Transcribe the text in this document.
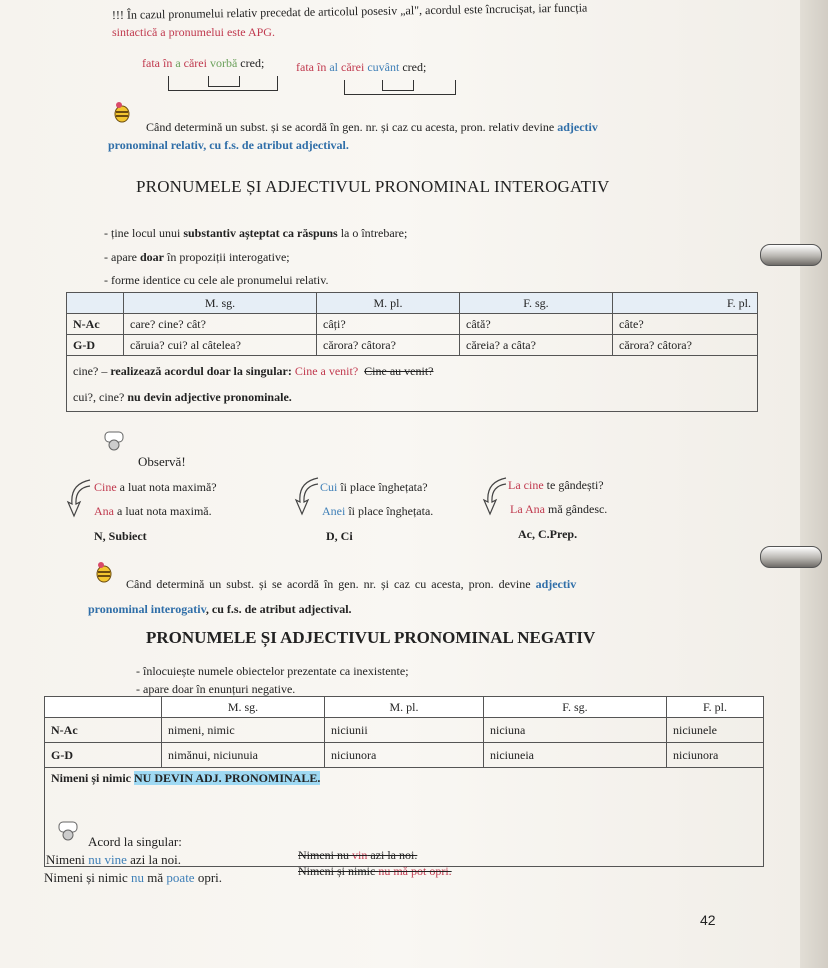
!!! În cazul pronumelui relativ precedat de articolul posesiv „al", acordul este încrucișat, iar funcția
sintactică a pronumelui este APG.
fata în a cărei vorbă cred;	fata în al cărei cuvânt cred;
Când determină un subst. și se acordă în gen. nr. și caz cu acesta, pron. relativ devine adjectiv
pronominal relativ, cu f.s. de atribut adjectival.
PRONUMELE ȘI ADJECTIVUL PRONOMINAL INTEROGATIV
- ține locul unui substantiv așteptat ca răspuns la o întrebare;
- apare doar în propoziții interogative;
- forme identice cu cele ale pronumelui relativ.
	M. sg.	M. pl.	F. sg.	F. pl.
N-Ac	care? cine? cât?	câți?	câtă?	câte?
G-D	căruia? cui? al câtelea?	cărora? câtora?	căreia? a câta?	cărora? câtora?
cine? – realizează acordul doar la singular: Cine a venit? Cine au venit?
cui?, cine? nu devin adjective pronominale.				
Observă!
Cine a luat nota maximă?
Ana a luat nota maximă.
N, Subiect
Cui îi place înghețata?
Anei îi place înghețata.
D, Ci
La cine te gândești?
La Ana mă gândesc.
Ac, C.Prep.
Când determină un subst. și se acordă în gen. nr. și caz cu acesta, pron. devine adjectiv
pronominal interogativ, cu f.s. de atribut adjectival.
PRONUMELE ȘI ADJECTIVUL PRONOMINAL NEGATIV
- înlocuiește numele obiectelor prezentate ca inexistente;
- apare doar în enunțuri negative.
	M. sg.	M. pl.	F. sg.	F. pl.
N-Ac	nimeni, nimic	niciunii	niciuna	niciunele
G-D	nimănui, niciunuia	niciunora	niciuneia	niciunora
Nimeni și nimic NU DEVIN ADJ. PRONOMINALE.				
Acord la singular:
Nimeni nu vine azi la noi.
Nimeni și nimic nu mă poate opri.
Nimeni nu vin azi la noi.
Nimeni și nimic nu mă pot opri.
42
